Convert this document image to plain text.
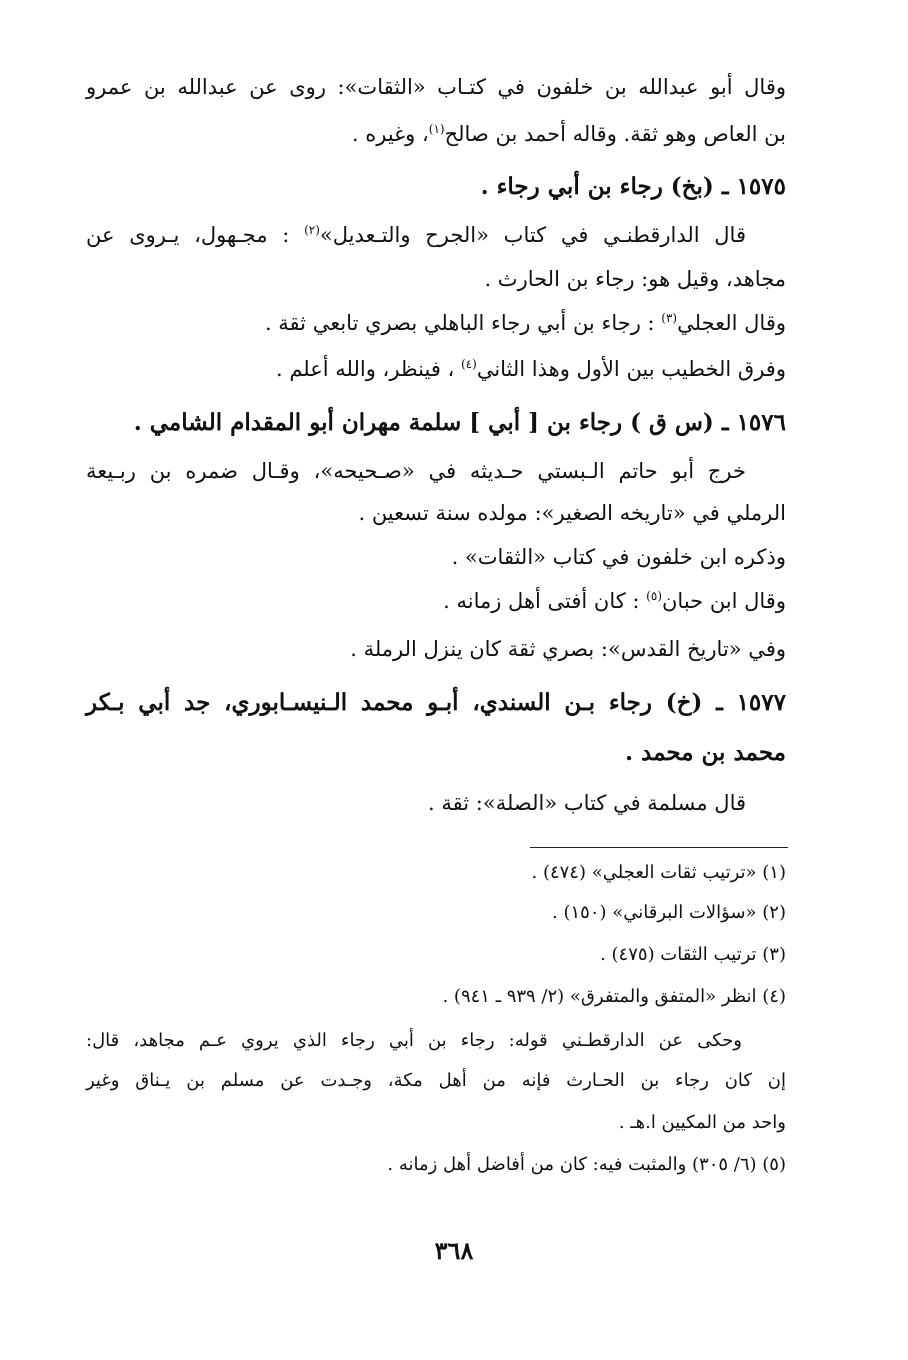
وقال أبو عبدالله بن خلفون في كتـاب «الثقات»: روى عن عبدالله بن عمرو
بن العاص وهو ثقة. وقاله أحمد بن صالح$^{(١)}$، وغيره .
١٥٧٥ ـ (بخ) رجاء بن أبي رجاء .
قال الدارقطنـي في كتاب «الجرح والتـعديل»$^{(٢)}$ : مجـهول، يـروى عن
مجاهد، وقيل هو: رجاء بن الحارث .
وقال العجلي$^{(٣)}$ : رجاء بن أبي رجاء الباهلي بصري تابعي ثقة .
وفرق الخطيب بين الأول وهذا الثاني$^{(٤)}$ ، فينظر، والله أعلم .
١٥٧٦ ـ (س ق ) رجاء بن [ أبي ] سلمة مهران أبو المقدام الشامي .
خرج أبو حاتم الـبستي حـديثه في «صـحيحه»، وقـال ضمره بن ربـيعة
الرملي في «تاريخه الصغير»: مولده سنة تسعين .
وذكره ابن خلفون في كتاب «الثقات» .
وقال ابن حبان$^{(٥)}$ : كان أفتى أهل زمانه .
وفي «تاريخ القدس»: بصري ثقة كان ينزل الرملة .
١٥٧٧ ـ (خ) رجاء بـن السندي، أبـو محمد الـنيسـابوري، جد أبي بـكر
محمد بن محمد .
قال مسلمة في كتاب «الصلة»: ثقة .
(١) «ترتيب ثقات العجلي» (٤٧٤) .
(٢) «سؤالات البرقاني» (١٥٠) .
(٣) ترتيب الثقات (٤٧٥) .
(٤) انظر «المتفق والمتفرق» (٢/ ٩٣٩ ـ ٩٤١) .
وحكى عن الدارقطـني قوله: رجاء بن أبي رجاء الذي يروي عـم مجاهد، قال:
إن كان رجاء بن الحـارث فإنه من أهل مكة، وجـدت عن مسلم بن يـناق وغير
واحد من المكيين ا.هـ .
(٥) (٦/ ٣٠٥) والمثبت فيه: كان من أفاضل أهل زمانه .
٣٦٨
